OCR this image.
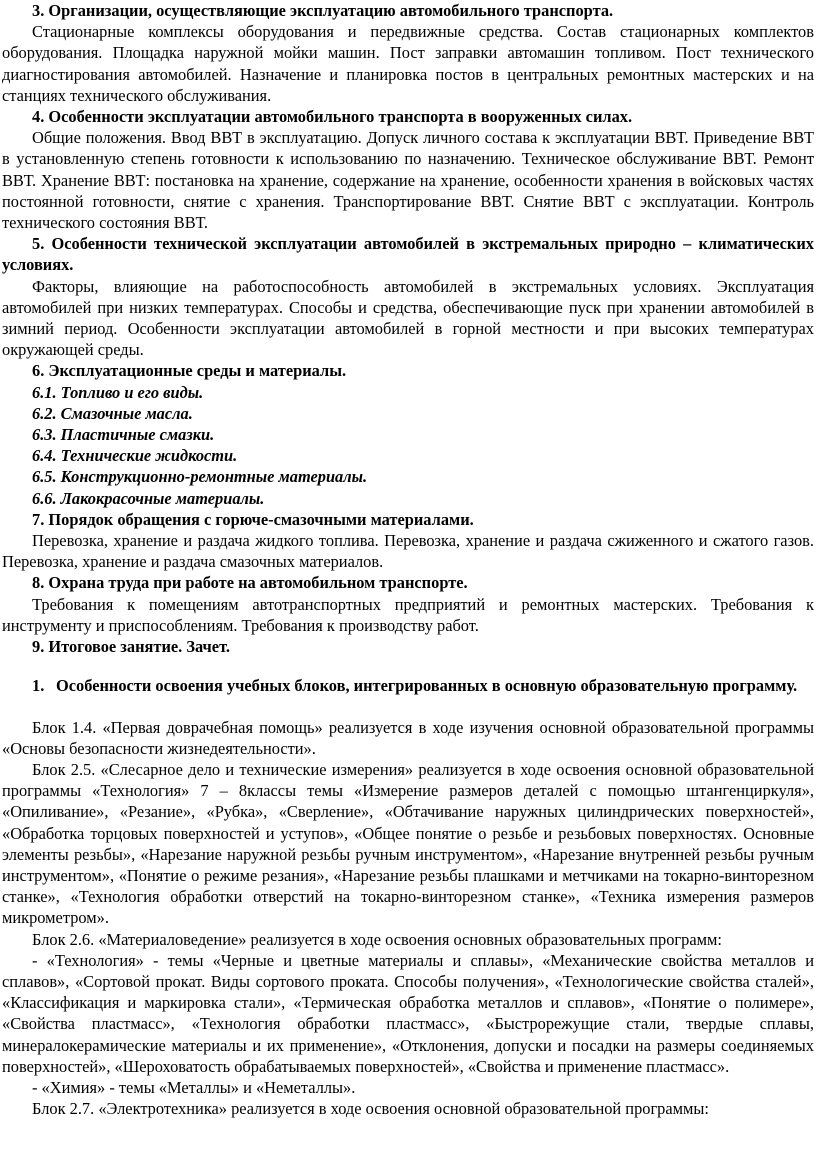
3. Организации, осуществляющие эксплуатацию автомобильного транспорта.

Стационарные комплексы оборудования и передвижные средства. Состав стационарных комплектов оборудования. Площадка наружной мойки машин. Пост заправки автомашин топливом. Пост технического диагностирования автомобилей. Назначение и планировка постов в центральных ремонтных мастерских и на станциях технического обслуживания.

4. Особенности эксплуатации автомобильного транспорта в вооруженных силах.

Общие положения. Ввод ВВТ в эксплуатацию. Допуск личного состава к эксплуатации ВВТ. Приведение ВВТ в установленную степень готовности к использованию по назначению. Техническое обслуживание ВВТ. Ремонт ВВТ. Хранение ВВТ: постановка на хранение, содержание на хранение, особенности хранения в войсковых частях постоянной готовности, снятие с хранения. Транспортирование ВВТ. Снятие ВВТ с эксплуатации. Контроль технического состояния ВВТ.

5. Особенности технической эксплуатации автомобилей в экстремальных природно – климатических условиях.

Факторы, влияющие на работоспособность автомобилей в экстремальных условиях. Эксплуатация автомобилей при низких температурах. Способы и средства, обеспечивающие пуск при хранении автомобилей в зимний период. Особенности эксплуатации автомобилей в горной местности и при высоких температурах окружающей среды.

6. Эксплуатационные среды и материалы.
6.1. Топливо и его виды.
6.2. Смазочные масла.
6.3. Пластичные смазки.
6.4. Технические жидкости.
6.5. Конструкционно-ремонтные материалы.
6.6. Лакокрасочные материалы.
7. Порядок обращения с горюче-смазочными материалами.

Перевозка, хранение и раздача жидкого топлива. Перевозка, хранение и раздача сжиженного и сжатого газов. Перевозка, хранение и раздача смазочных материалов.

8. Охрана труда при работе на автомобильном транспорте.

Требования к помещениям автотранспортных предприятий и ремонтных мастерских. Требования к инструменту и приспособлениям. Требования к производству работ.

9. Итоговое занятие. Зачет.
1. Особенности освоения учебных блоков, интегрированных в основную образовательную программу.

Блок 1.4. «Первая доврачебная помощь» реализуется в ходе изучения основной образовательной программы «Основы безопасности жизнедеятельности».

Блок 2.5. «Слесарное дело и технические измерения» реализуется в ходе освоения основной образовательной программы «Технология» 7 – 8классы темы «Измерение размеров деталей с помощью штангенциркуля», «Опиливание», «Резание», «Рубка», «Сверление», «Обтачивание наружных цилиндрических поверхностей», «Обработка торцовых поверхностей и уступов», «Общее понятие о резьбе и резьбовых поверхностях. Основные элементы резьбы», «Нарезание наружной резьбы ручным инструментом», «Нарезание внутренней резьбы ручным инструментом», «Понятие о режиме резания», «Нарезание резьбы плашками и метчиками на токарно-винторезном станке», «Технология обработки отверстий на токарно-винторезном станке», «Техника измерения размеров микрометром».

Блок 2.6. «Материаловедение» реализуется в ходе освоения основных образовательных программ:

- «Технология» - темы «Черные и цветные материалы и сплавы», «Механические свойства металлов и сплавов», «Сортовой прокат. Виды сортового проката. Способы получения», «Технологические свойства сталей», «Классификация и маркировка стали», «Термическая обработка металлов и сплавов», «Понятие о полимере», «Свойства пластмасс», «Технология обработки пластмасс», «Быстрорежущие стали, твердые сплавы, минералокерамические материалы и их применение», «Отклонения, допуски и посадки на размеры соединяемых поверхностей», «Шероховатость обрабатываемых поверхностей», «Свойства и применение пластмасс».

- «Химия» - темы «Металлы» и «Неметаллы».

Блок 2.7. «Электротехника» реализуется в ходе освоения основной образовательной программы:
